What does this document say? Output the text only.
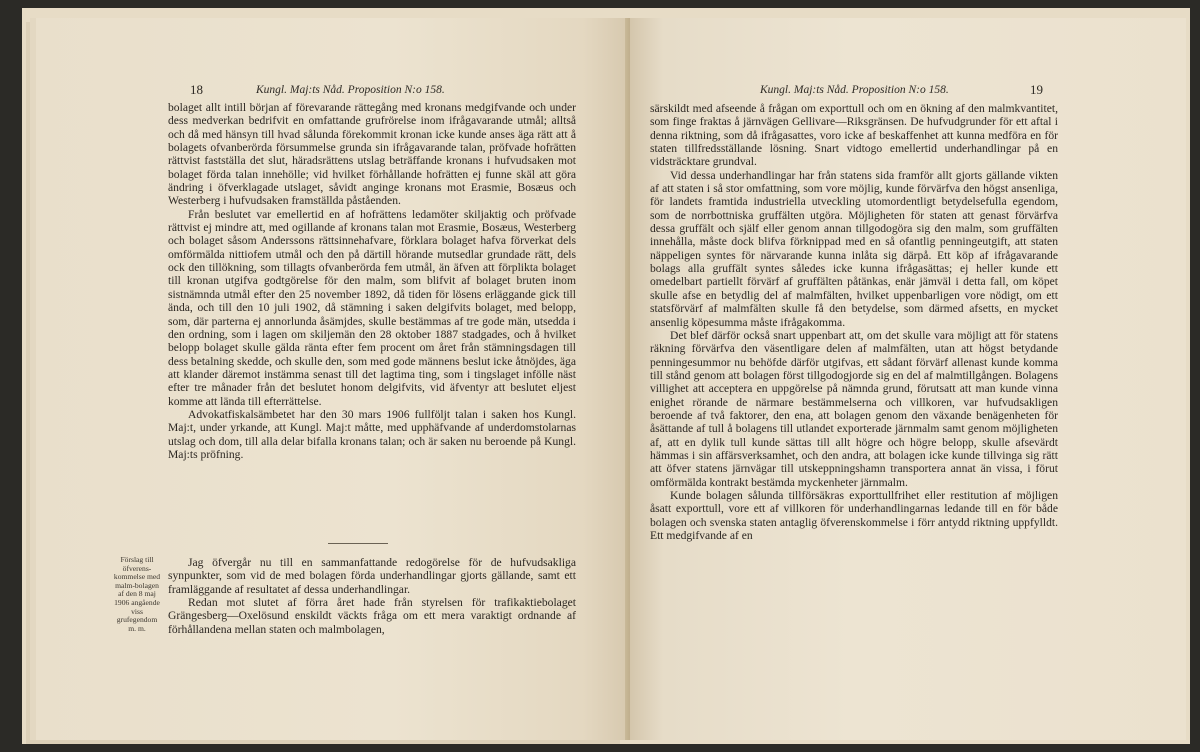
18	Kungl. Maj:ts Nåd. Proposition N:o 158.

bolaget allt intill början af förevarande rättegång med kronans medgifvande och under dess medverkan bedrifvit en omfattande grufrörelse inom ifrågavarande utmål; alltså och då med hänsyn till hvad sålunda förekommit kronan icke kunde anses äga rätt att å bolagets ofvanberörda försummelse grunda sin ifrågavarande talan, pröfvade hofrätten rättvist fastställa det slut, häradsrättens utslag beträffande kronans i hufvudsaken mot bolaget förda talan innehölle; vid hvilket förhållande hofrätten ej funne skäl att göra ändring i öfverklagade utslaget, såvidt anginge kronans mot Erasmie, Bosæus och Westerberg i hufvudsaken framställda påståenden.

Från beslutet var emellertid en af hofrättens ledamöter skiljaktig och pröfvade rättvist ej mindre att, med ogillande af kronans talan mot Erasmie, Bosæus, Westerberg och bolaget såsom Anderssons rättsinnehafvare, förklara bolaget hafva förverkat dels omförmälda nittiofem utmål och den på därtill hörande mutsedlar grundade rätt, dels ock den tillökning, som tillagts ofvanberörda fem utmål, än äfven att förplikta bolaget till kronan utgifva godtgörelse för den malm, som blifvit af bolaget bruten inom sistnämnda utmål efter den 25 november 1892, då tiden för lösens erläggande gick till ända, och till den 10 juli 1902, då stämning i saken delgifvits bolaget, med belopp, som, där parterna ej annorlunda åsämjdes, skulle bestämmas af tre gode män, utsedda i den ordning, som i lagen om skiljemän den 28 oktober 1887 stadgades, och å hvilket belopp bolaget skulle gälda ränta efter fem procent om året från stämningsdagen till dess betalning skedde, och skulle den, som med gode männens beslut icke åtnöjdes, äga att klander däremot instämma senast till det lagtima ting, som i tingslaget infölle näst efter tre månader från det beslutet honom delgifvits, vid äfventyr att beslutet eljest komme att lända till efterrättelse.

Advokatfiskalsämbetet har den 30 mars 1906 fullföljt talan i saken hos Kungl. Maj:t, under yrkande, att Kungl. Maj:t måtte, med upphäfvande af underdomstolarnas utslag och dom, till alla delar bifalla kronans talan; och är saken nu beroende på Kungl. Maj:ts pröfning.

Förslag till öfverens-kommelse med malm-bolagen af den 8 maj 1906 angående viss grufegendom m. m.

Jag öfvergår nu till en sammanfattande redogörelse för de hufvudsakliga synpunkter, som vid de med bolagen förda underhandlingar gjorts gällande, samt ett framläggande af resultatet af dessa underhandlingar.

Redan mot slutet af förra året hade från styrelsen för trafikaktiebolaget Grängesberg—Oxelösund enskildt väckts fråga om ett mera varaktigt ordnande af förhållandena mellan staten och malmbolagen,

Kungl. Maj:ts Nåd. Proposition N:o 158.	19

särskildt med afseende å frågan om exporttull och om en ökning af den malmkvantitet, som finge fraktas å järnvägen Gellivare—Riksgränsen. De hufvudgrunder för ett aftal i denna riktning, som då ifrågasattes, voro icke af beskaffenhet att kunna medföra en för staten tillfredsställande lösning. Snart vidtogo emellertid underhandlingar på en vidsträcktare grundval.

Vid dessa underhandlingar har från statens sida framför allt gjorts gällande vikten af att staten i så stor omfattning, som vore möjlig, kunde förvärfva den högst ansenliga, för landets framtida industriella utveckling utomordentligt betydelsefulla egendom, som de norrbottniska gruffälten utgöra. Möjligheten för staten att genast förvärfva dessa gruffält och själf eller genom annan tillgodogöra sig den malm, som gruffälten innehålla, måste dock blifva förknippad med en så ofantlig penningeutgift, att staten näppeligen syntes för närvarande kunna inlåta sig därpå. Ett köp af ifrågavarande bolags alla gruffält syntes således icke kunna ifrågasättas; ej heller kunde ett omedelbart partiellt förvärf af gruffälten påtänkas, enär jämväl i detta fall, om köpet skulle afse en betydlig del af malmfälten, hvilket uppenbarligen vore nödigt, om ett statsförvärf af malmfälten skulle få den betydelse, som därmed afsetts, en mycket ansenlig köpesumma måste ifrågakomma.

Det blef därför också snart uppenbart att, om det skulle vara möjligt att för statens räkning förvärfva den väsentligare delen af malmfälten, utan att högst betydande penningesummor nu behöfde därför utgifvas, ett sådant förvärf allenast kunde komma till stånd genom att bolagen först tillgodogjorde sig en del af malmtillgången. Bolagens villighet att acceptera en uppgörelse på nämnda grund, förutsatt att man kunde vinna enighet rörande de närmare bestämmelserna och villkoren, var hufvudsakligen beroende af två faktorer, den ena, att bolagen genom den växande benägenheten för åsättande af tull å bolagens till utlandet exporterade järnmalm samt genom möjligheten af, att en dylik tull kunde sättas till allt högre och högre belopp, skulle afsevärdt hämmas i sin affärsverksamhet, och den andra, att bolagen icke kunde tillvinga sig rätt att öfver statens järnvägar till utskeppningshamn transportera annat än vissa, i förut omförmälda kontrakt bestämda myckenheter järnmalm.

Kunde bolagen sålunda tillförsäkras exporttullfrihet eller restitution af möjligen åsatt exporttull, vore ett af villkoren för underhandlingarnas ledande till en för både bolagen och svenska staten antaglig öfverenskommelse i förr antydd riktning uppfylldt. Ett medgifvande af en
